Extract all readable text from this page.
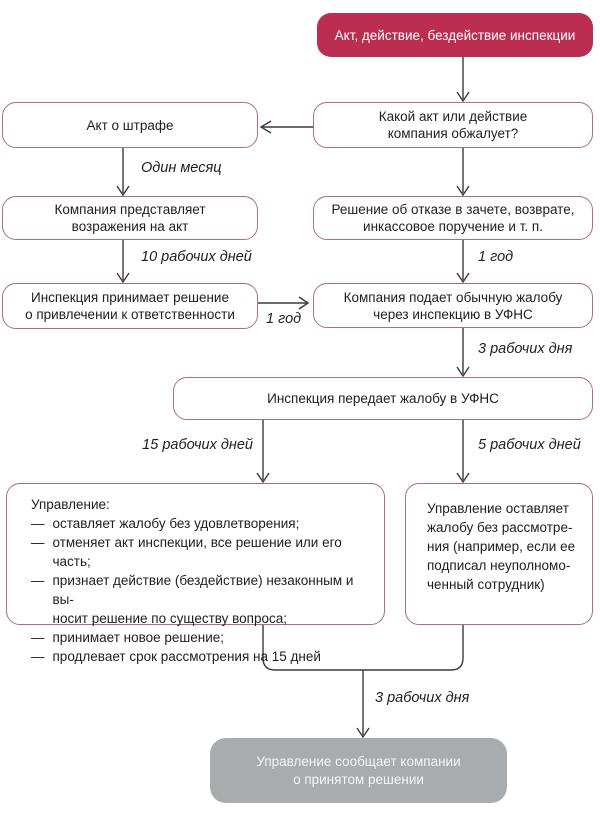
Акт, действие, бездействие инспекции
Какой акт или действие
компания обжалует?
Акт о штрафе
Компания представляет
возражения на акт
Инспекция принимает решение
о привлечении к ответственности
Решение об отказе в зачете, возврате,
инкассовое поручение и т. п.
Компания подает обычную жалобу
через инспекцию в УФНС
Инспекция передает жалобу в УФНС
Управление:
— оставляет жалобу без удовлетворения;
— отменяет акт инспекции, все решение или его часть;
— признает действие (бездействие) незаконным и вы-
носит решение по существу вопроса;
— принимает новое решение;
— продлевает срок рассмотрения на 15 дней
Управление оставляет
жалобу без рассмотре-
ния (например, если ее
подписал неуполномо-
ченный сотрудник)
Управление сообщает компании
о принятом решении
Один месяц
10 рабочих дней
1 год
1 год
3 рабочих дня
15 рабочих дней	5 рабочих дней
3 рабочих дня
